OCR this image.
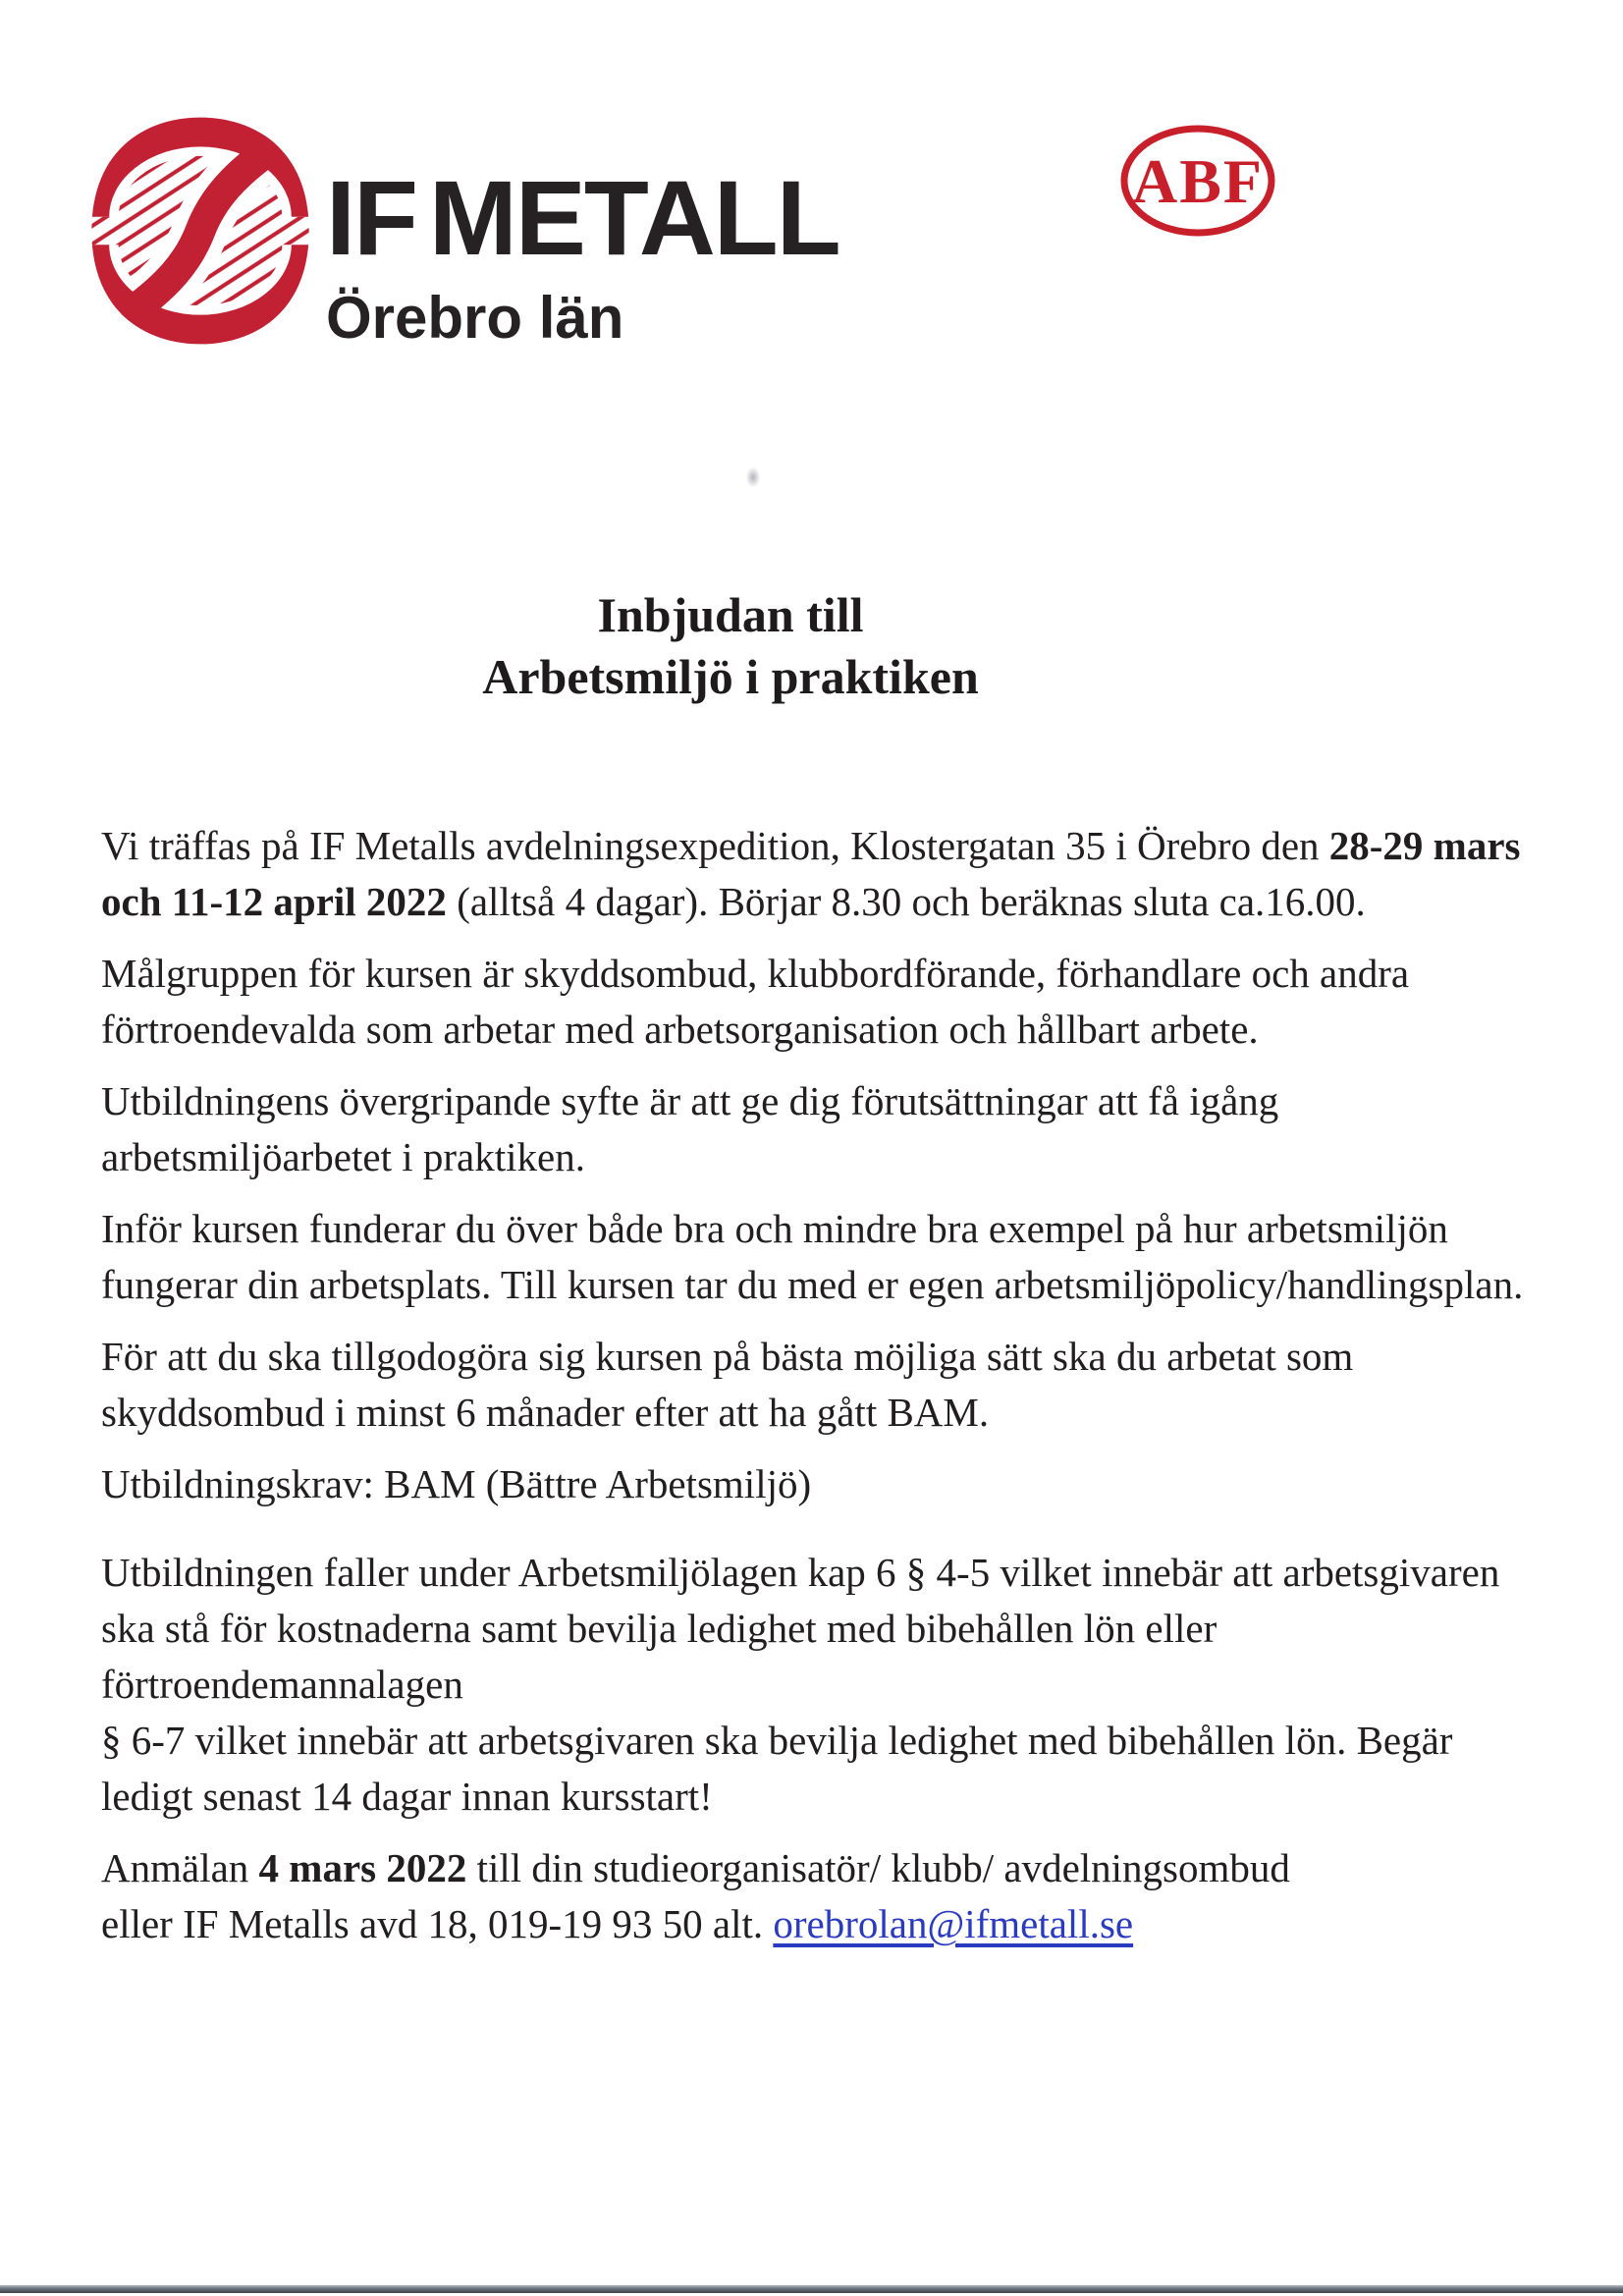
IF METALL
Örebro län
ABF
Inbjudan till
Arbetsmiljö i praktiken

Vi träffas på IF Metalls avdelningsexpedition, Klostergatan 35 i Örebro den 28-29 mars och 11-12 april 2022 (alltså 4 dagar). Börjar 8.30 och beräknas sluta ca.16.00.

Målgruppen för kursen är skyddsombud, klubbordförande, förhandlare och andra förtroendevalda som arbetar med arbetsorganisation och hållbart arbete.

Utbildningens övergripande syfte är att ge dig förutsättningar att få igång arbetsmiljöarbetet i praktiken.

Inför kursen funderar du över både bra och mindre bra exempel på hur arbetsmiljön fungerar din arbetsplats. Till kursen tar du med er egen arbetsmiljöpolicy/handlingsplan.

För att du ska tillgodogöra sig kursen på bästa möjliga sätt ska du arbetat som skyddsombud i minst 6 månader efter att ha gått BAM.

Utbildningskrav: BAM (Bättre Arbetsmiljö)

Utbildningen faller under Arbetsmiljölagen kap 6 § 4-5 vilket innebär att arbetsgivaren ska stå för kostnaderna samt bevilja ledighet med bibehållen lön eller förtroendemannalagen
§ 6-7 vilket innebär att arbetsgivaren ska bevilja ledighet med bibehållen lön. Begär ledigt senast 14 dagar innan kursstart!

Anmälan 4 mars 2022 till din studieorganisatör/ klubb/ avdelningsombud
eller IF Metalls avd 18, 019-19 93 50 alt. orebrolan@ifmetall.se
